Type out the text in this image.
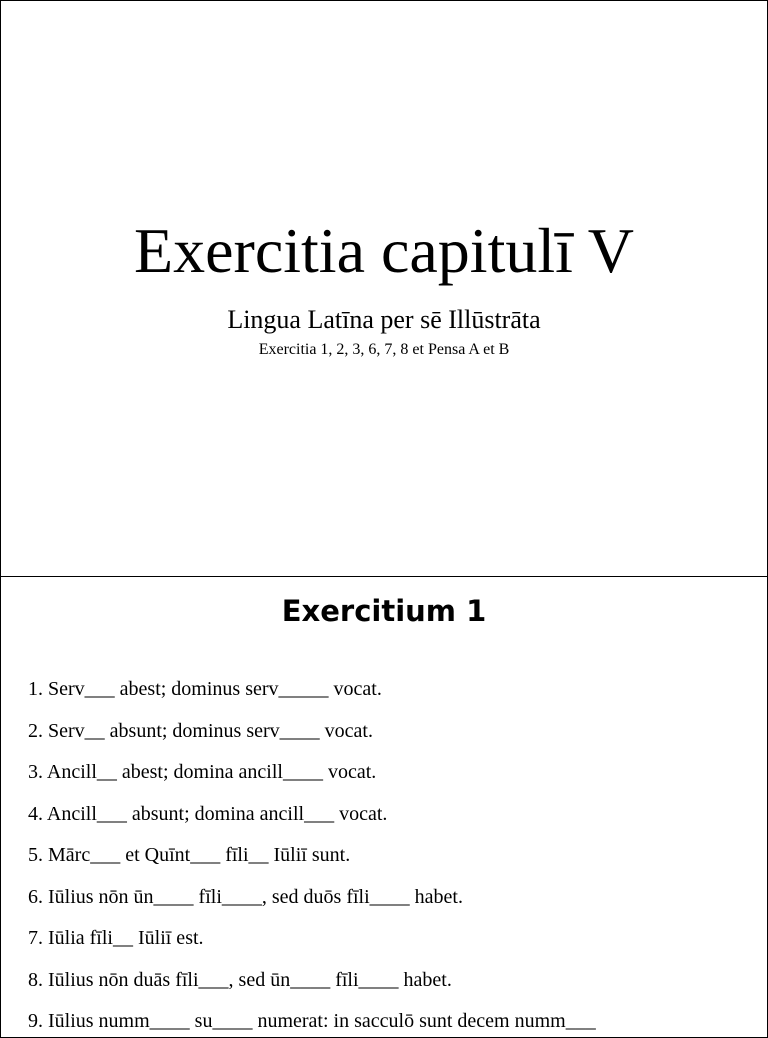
Exercitia capitulī V
Lingua Latīna per sē Illūstrāta
Exercitia 1, 2, 3, 6, 7, 8 et Pensa A et B
Exercitium 1
1. Serv___ abest; dominus serv_____ vocat.
2. Serv__ absunt; dominus serv____ vocat.
3. Ancill__ abest; domina ancill____ vocat.
4. Ancill___ absunt; domina ancill___ vocat.
5. Mārc___ et Quīnt___ fīli__ Iūliī sunt.
6. Iūlius nōn ūn____ fīli____, sed duōs fīli____ habet.
7. Iūlia fīli__ Iūliī est.
8. Iūlius nōn duās fīli___, sed ūn____ fīli____ habet.
9. Iūlius numm____ su____ numerat: in sacculō sunt decem numm___
